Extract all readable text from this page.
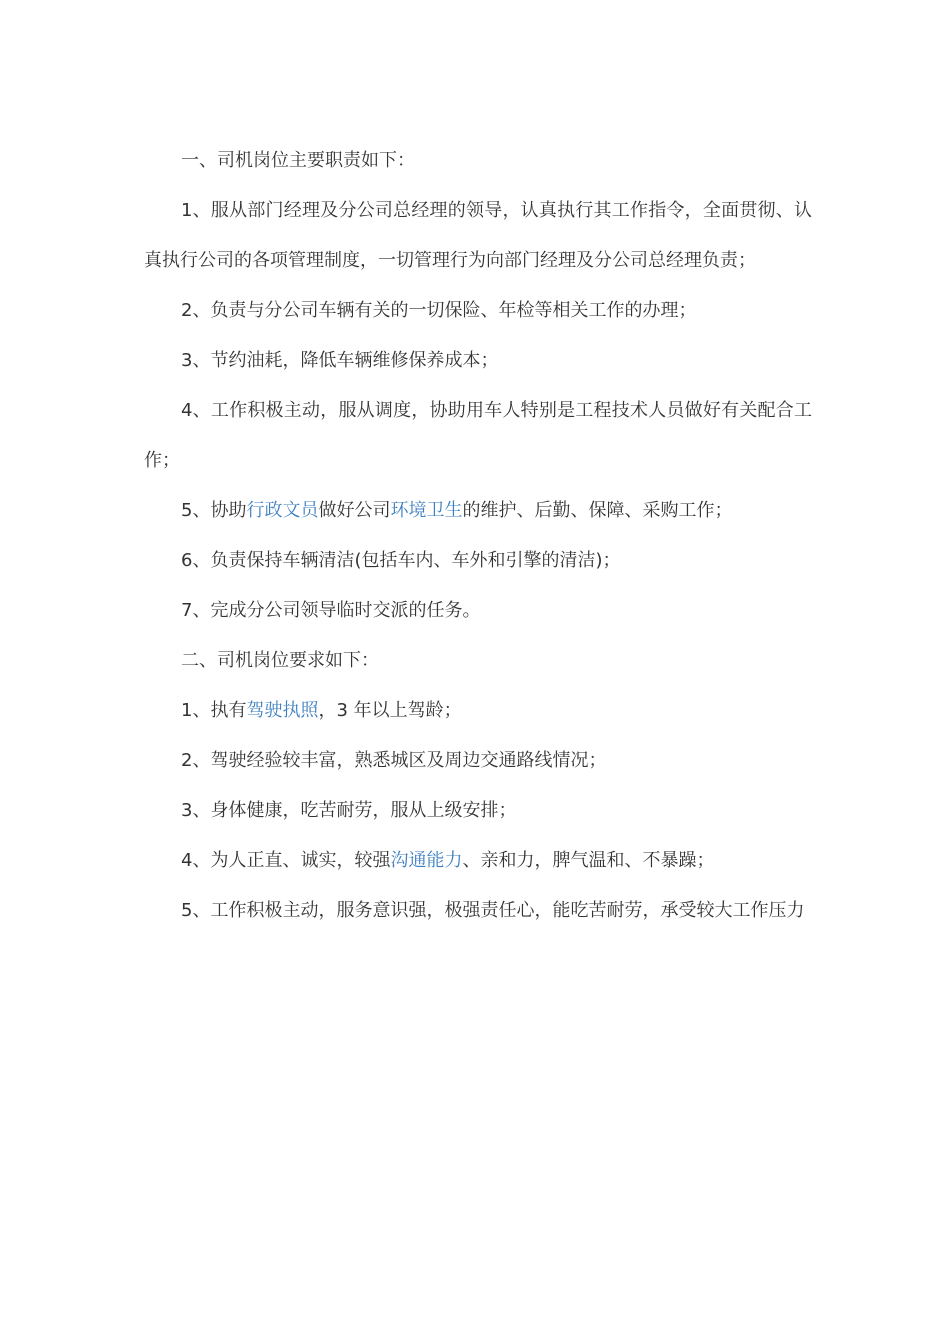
一、司机岗位主要职责如下：

1、服从部门经理及分公司总经理的领导，认真执行其工作指令，全面贯彻、认真执行公司的各项管理制度，一切管理行为向部门经理及分公司总经理负责；

2、负责与分公司车辆有关的一切保险、年检等相关工作的办理；

3、节约油耗，降低车辆维修保养成本；

4、工作积极主动，服从调度，协助用车人特别是工程技术人员做好有关配合工作；

5、协助行政文员做好公司环境卫生的维护、后勤、保障、采购工作；

6、负责保持车辆清洁(包括车内、车外和引擎的清洁)；

7、完成分公司领导临时交派的任务。

二、司机岗位要求如下：

1、执有驾驶执照，3 年以上驾龄；

2、驾驶经验较丰富，熟悉城区及周边交通路线情况；

3、身体健康，吃苦耐劳，服从上级安排；

4、为人正直、诚实，较强沟通能力、亲和力，脾气温和、不暴躁；

5、工作积极主动，服务意识强，极强责任心，能吃苦耐劳，承受较大工作压力
